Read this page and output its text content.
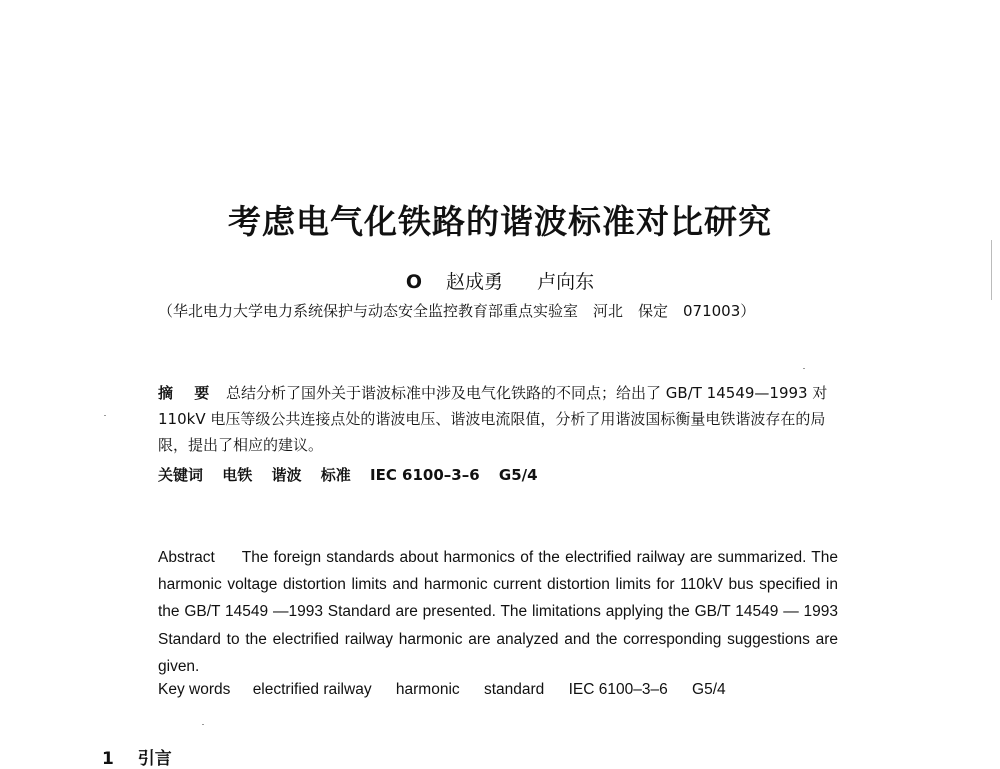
考虑电气化铁路的谐波标准对比研究
O 赵成勇 卢向东
（华北电力大学电力系统保护与动态安全监控教育部重点实验室　河北　保定　071003）
摘 要 总结分析了国外关于谐波标准中涉及电气化铁路的不同点；给出了 GB/T 14549—1993 对 110kV 电压等级公共连接点处的谐波电压、谐波电流限值，分析了用谐波国标衡量电铁谐波存在的局限，提出了相应的建议。
关键词 电铁 谐波 标准 IEC 6100–3–6 G5/4
Abstract The foreign standards about harmonics of the electrified railway are summarized. The harmonic voltage distortion limits and harmonic current distortion limits for 110kV bus specified in the GB/T 14549 —1993 Standard are presented. The limitations applying the GB/T 14549 — 1993 Standard to the electrified railway harmonic are analyzed and the corresponding suggestions are given.
Key words electrified railway harmonic standard IEC 6100–3–6 G5/4
1 引言
